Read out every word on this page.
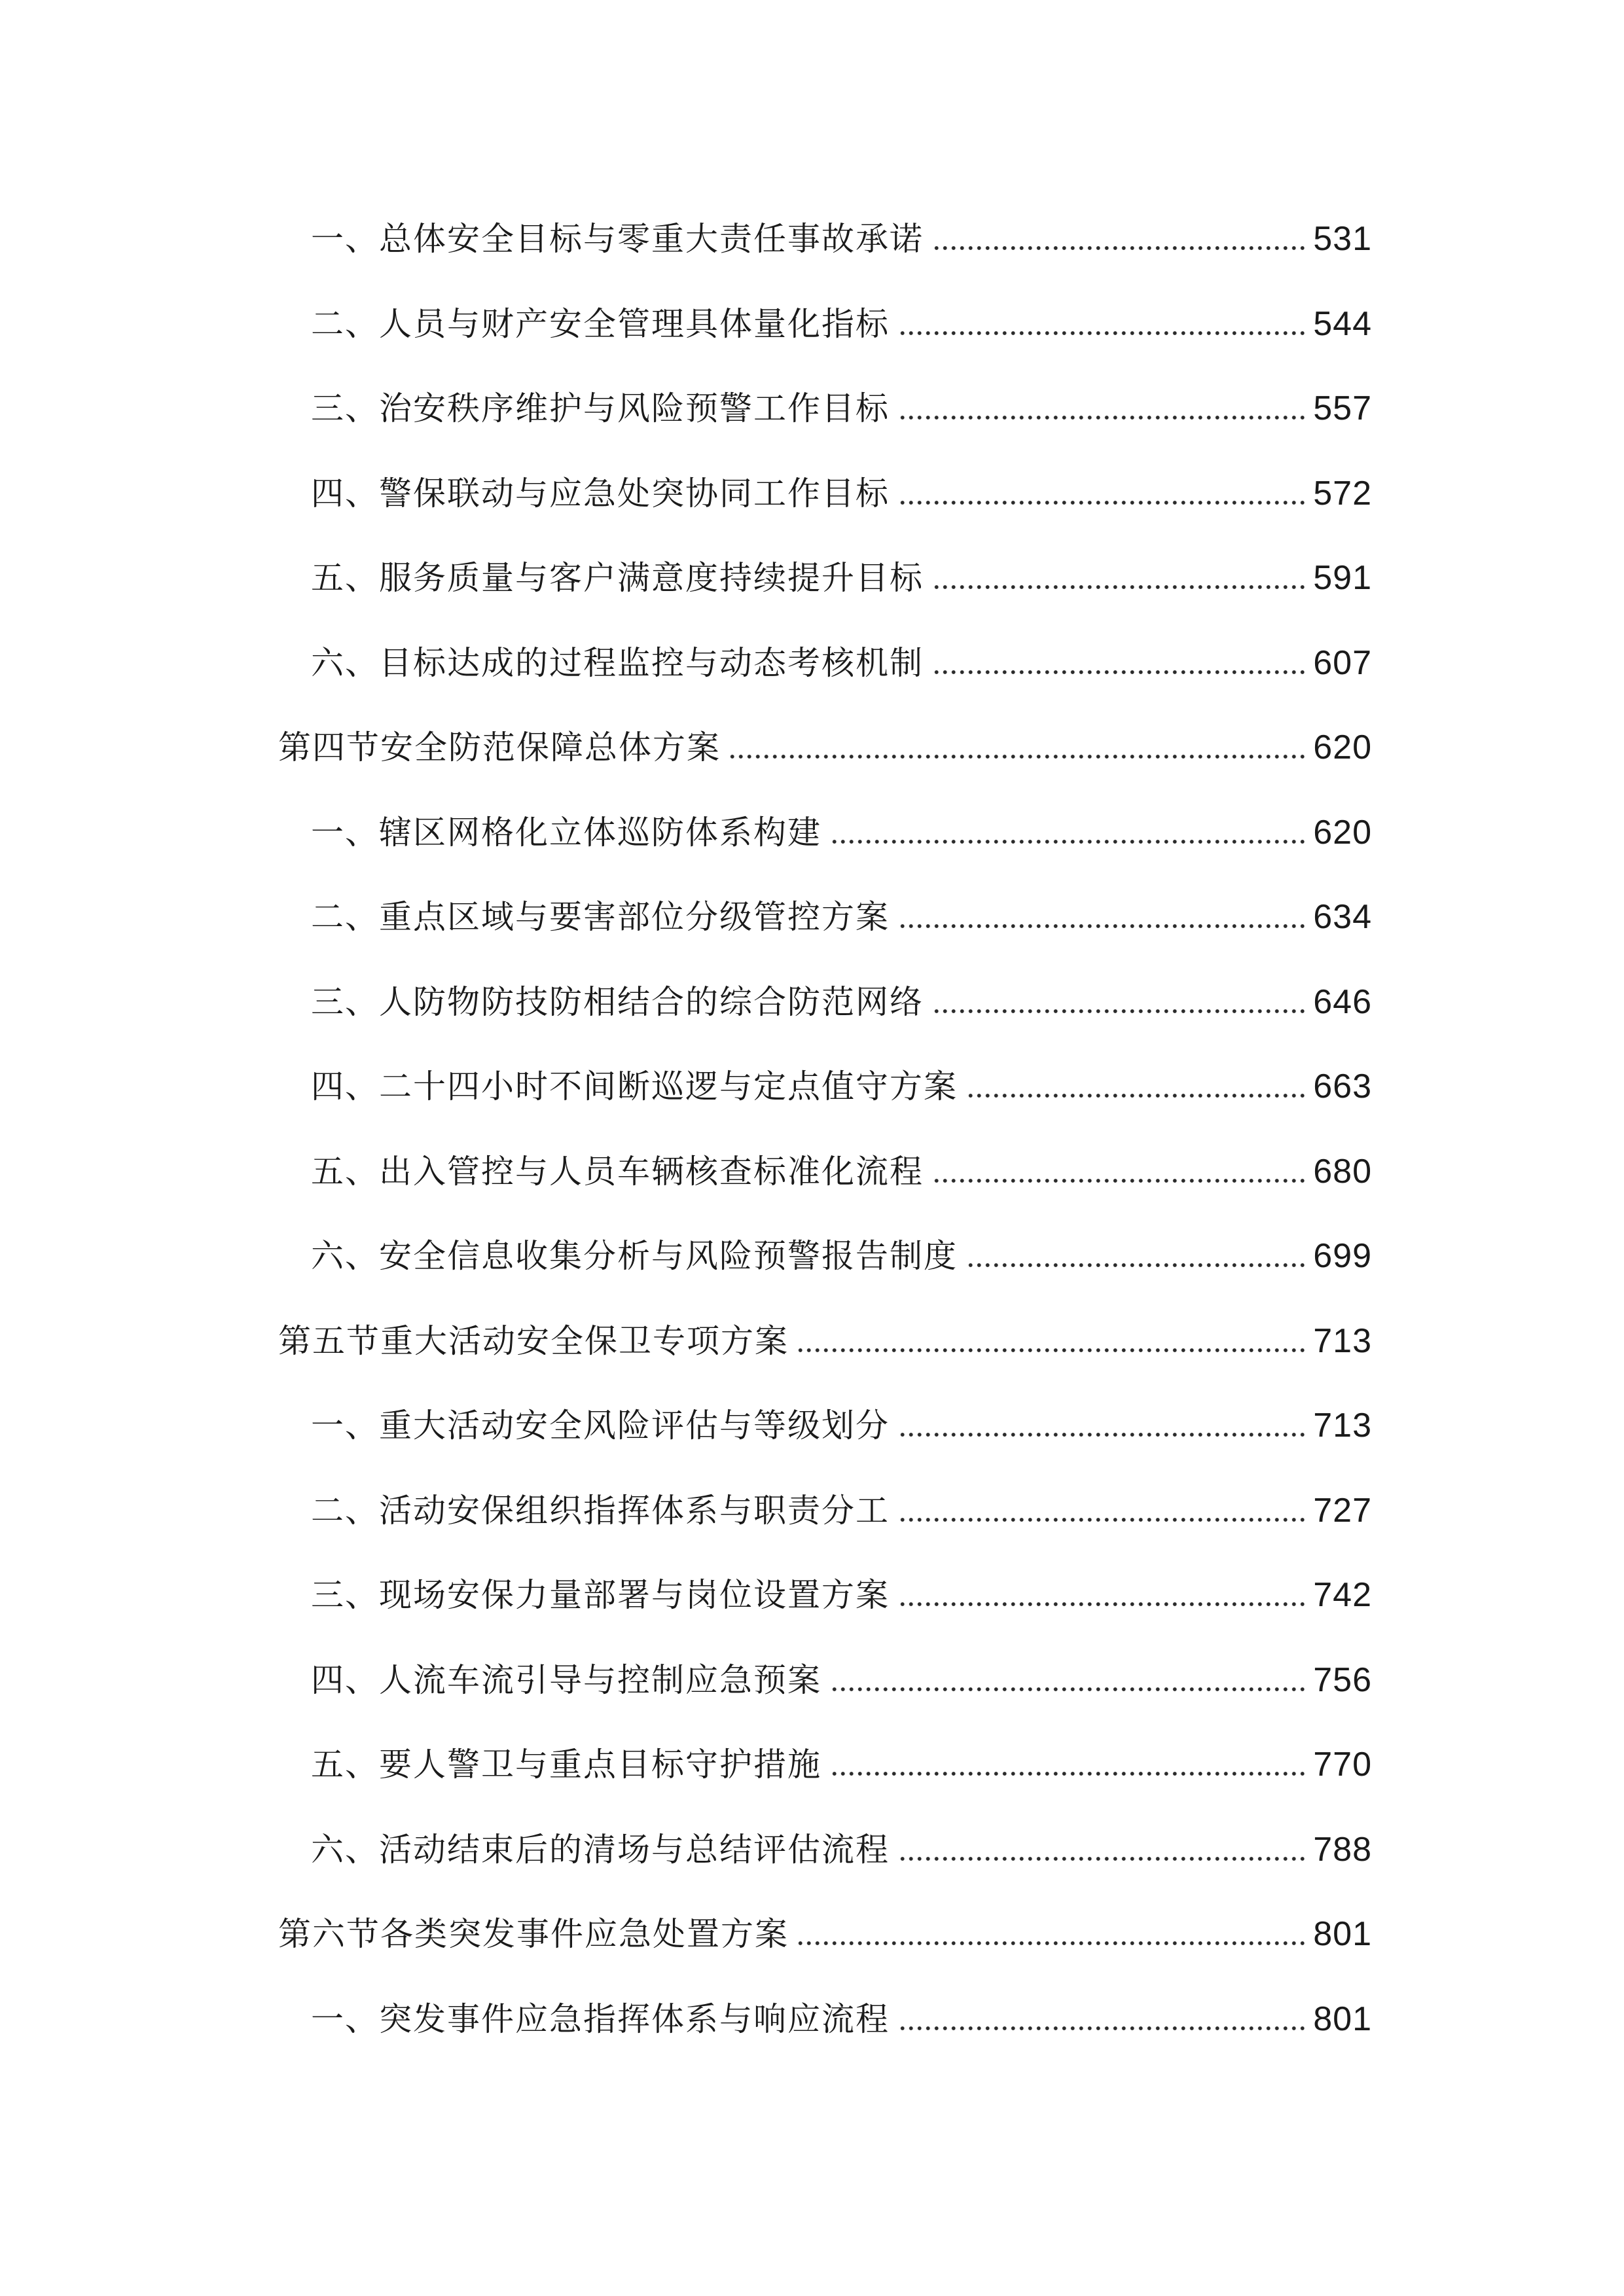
一、总体安全目标与零重大责任事故承诺	531
二、人员与财产安全管理具体量化指标	544
三、治安秩序维护与风险预警工作目标	557
四、警保联动与应急处突协同工作目标	572
五、服务质量与客户满意度持续提升目标	591
六、目标达成的过程监控与动态考核机制	607
第四节安全防范保障总体方案	620
一、辖区网格化立体巡防体系构建	620
二、重点区域与要害部位分级管控方案	634
三、人防物防技防相结合的综合防范网络	646
四、二十四小时不间断巡逻与定点值守方案	663
五、出入管控与人员车辆核查标准化流程	680
六、安全信息收集分析与风险预警报告制度	699
第五节重大活动安全保卫专项方案	713
一、重大活动安全风险评估与等级划分	713
二、活动安保组织指挥体系与职责分工	727
三、现场安保力量部署与岗位设置方案	742
四、人流车流引导与控制应急预案	756
五、要人警卫与重点目标守护措施	770
六、活动结束后的清场与总结评估流程	788
第六节各类突发事件应急处置方案	801
一、突发事件应急指挥体系与响应流程	801
